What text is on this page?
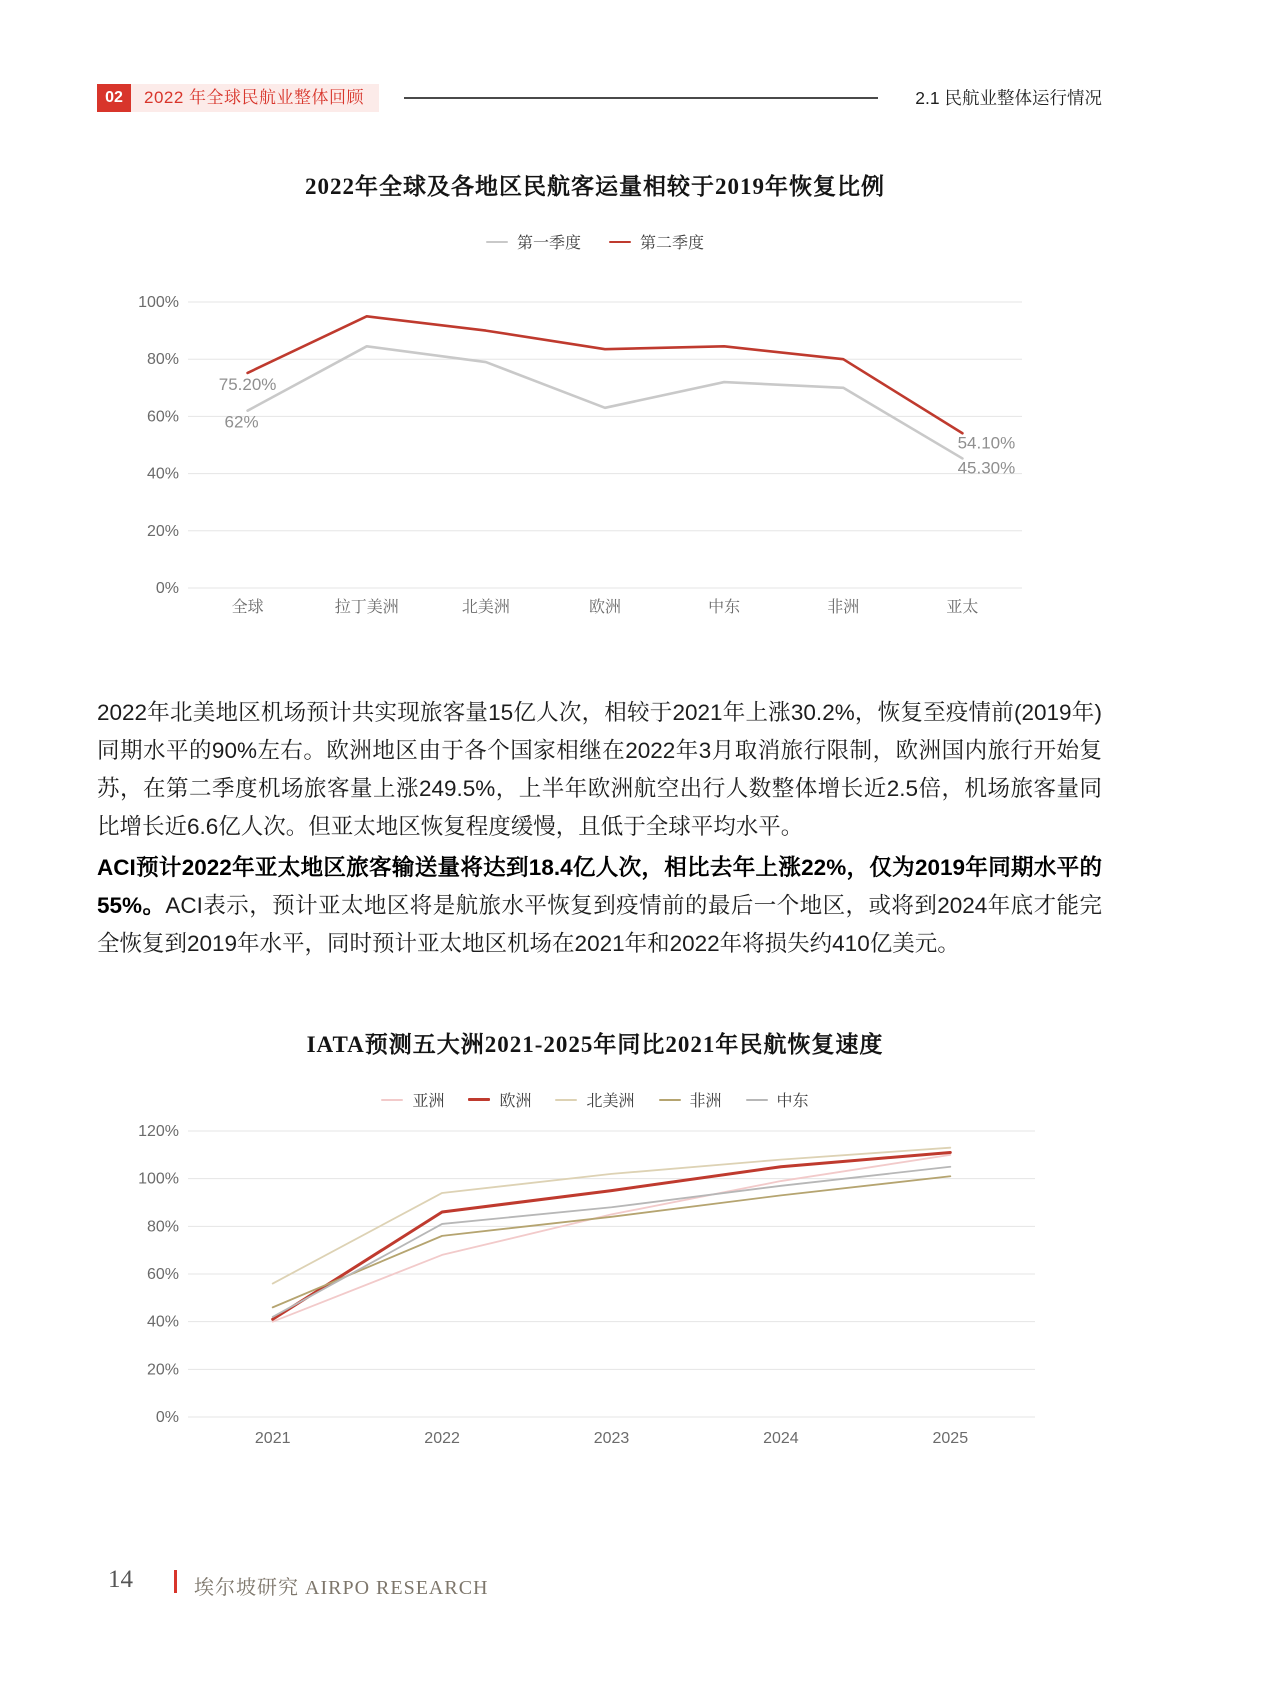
02	2022 年全球民航业整体回顾	2.1 民航业整体运行情况
2022年全球及各地区民航客运量相较于2019年恢复比例
第一季度	第二季度
0%
20%
40%
60%
80%
100%
全球	拉丁美洲	北美洲	欧洲	中东	非洲	亚太
75.20%
62%
54.10%
45.30%

2022年北美地区机场预计共实现旅客量15亿人次，相较于2021年上涨30.2%，恢复至疫情前(2019年)同期水平的90%左右。欧洲地区由于各个国家相继在2022年3月取消旅行限制，欧洲国内旅行开始复苏，在第二季度机场旅客量上涨249.5%，上半年欧洲航空出行人数整体增长近2.5倍，机场旅客量同比增长近6.6亿人次。但亚太地区恢复程度缓慢，且低于全球平均水平。

ACI预计2022年亚太地区旅客输送量将达到18.4亿人次，相比去年上涨22%，仅为2019年同期水平的55%。ACI表示，预计亚太地区将是航旅水平恢复到疫情前的最后一个地区，或将到2024年底才能完全恢复到2019年水平，同时预计亚太地区机场在2021年和2022年将损失约410亿美元。

IATA预测五大洲2021-2025年同比2021年民航恢复速度
亚洲	欧洲	北美洲	非洲	中东
0%
20%
40%
60%
80%
100%
120%
2021	2022	2023	2024	2025
14	埃尔坡研究 AIRPO RESEARCH
